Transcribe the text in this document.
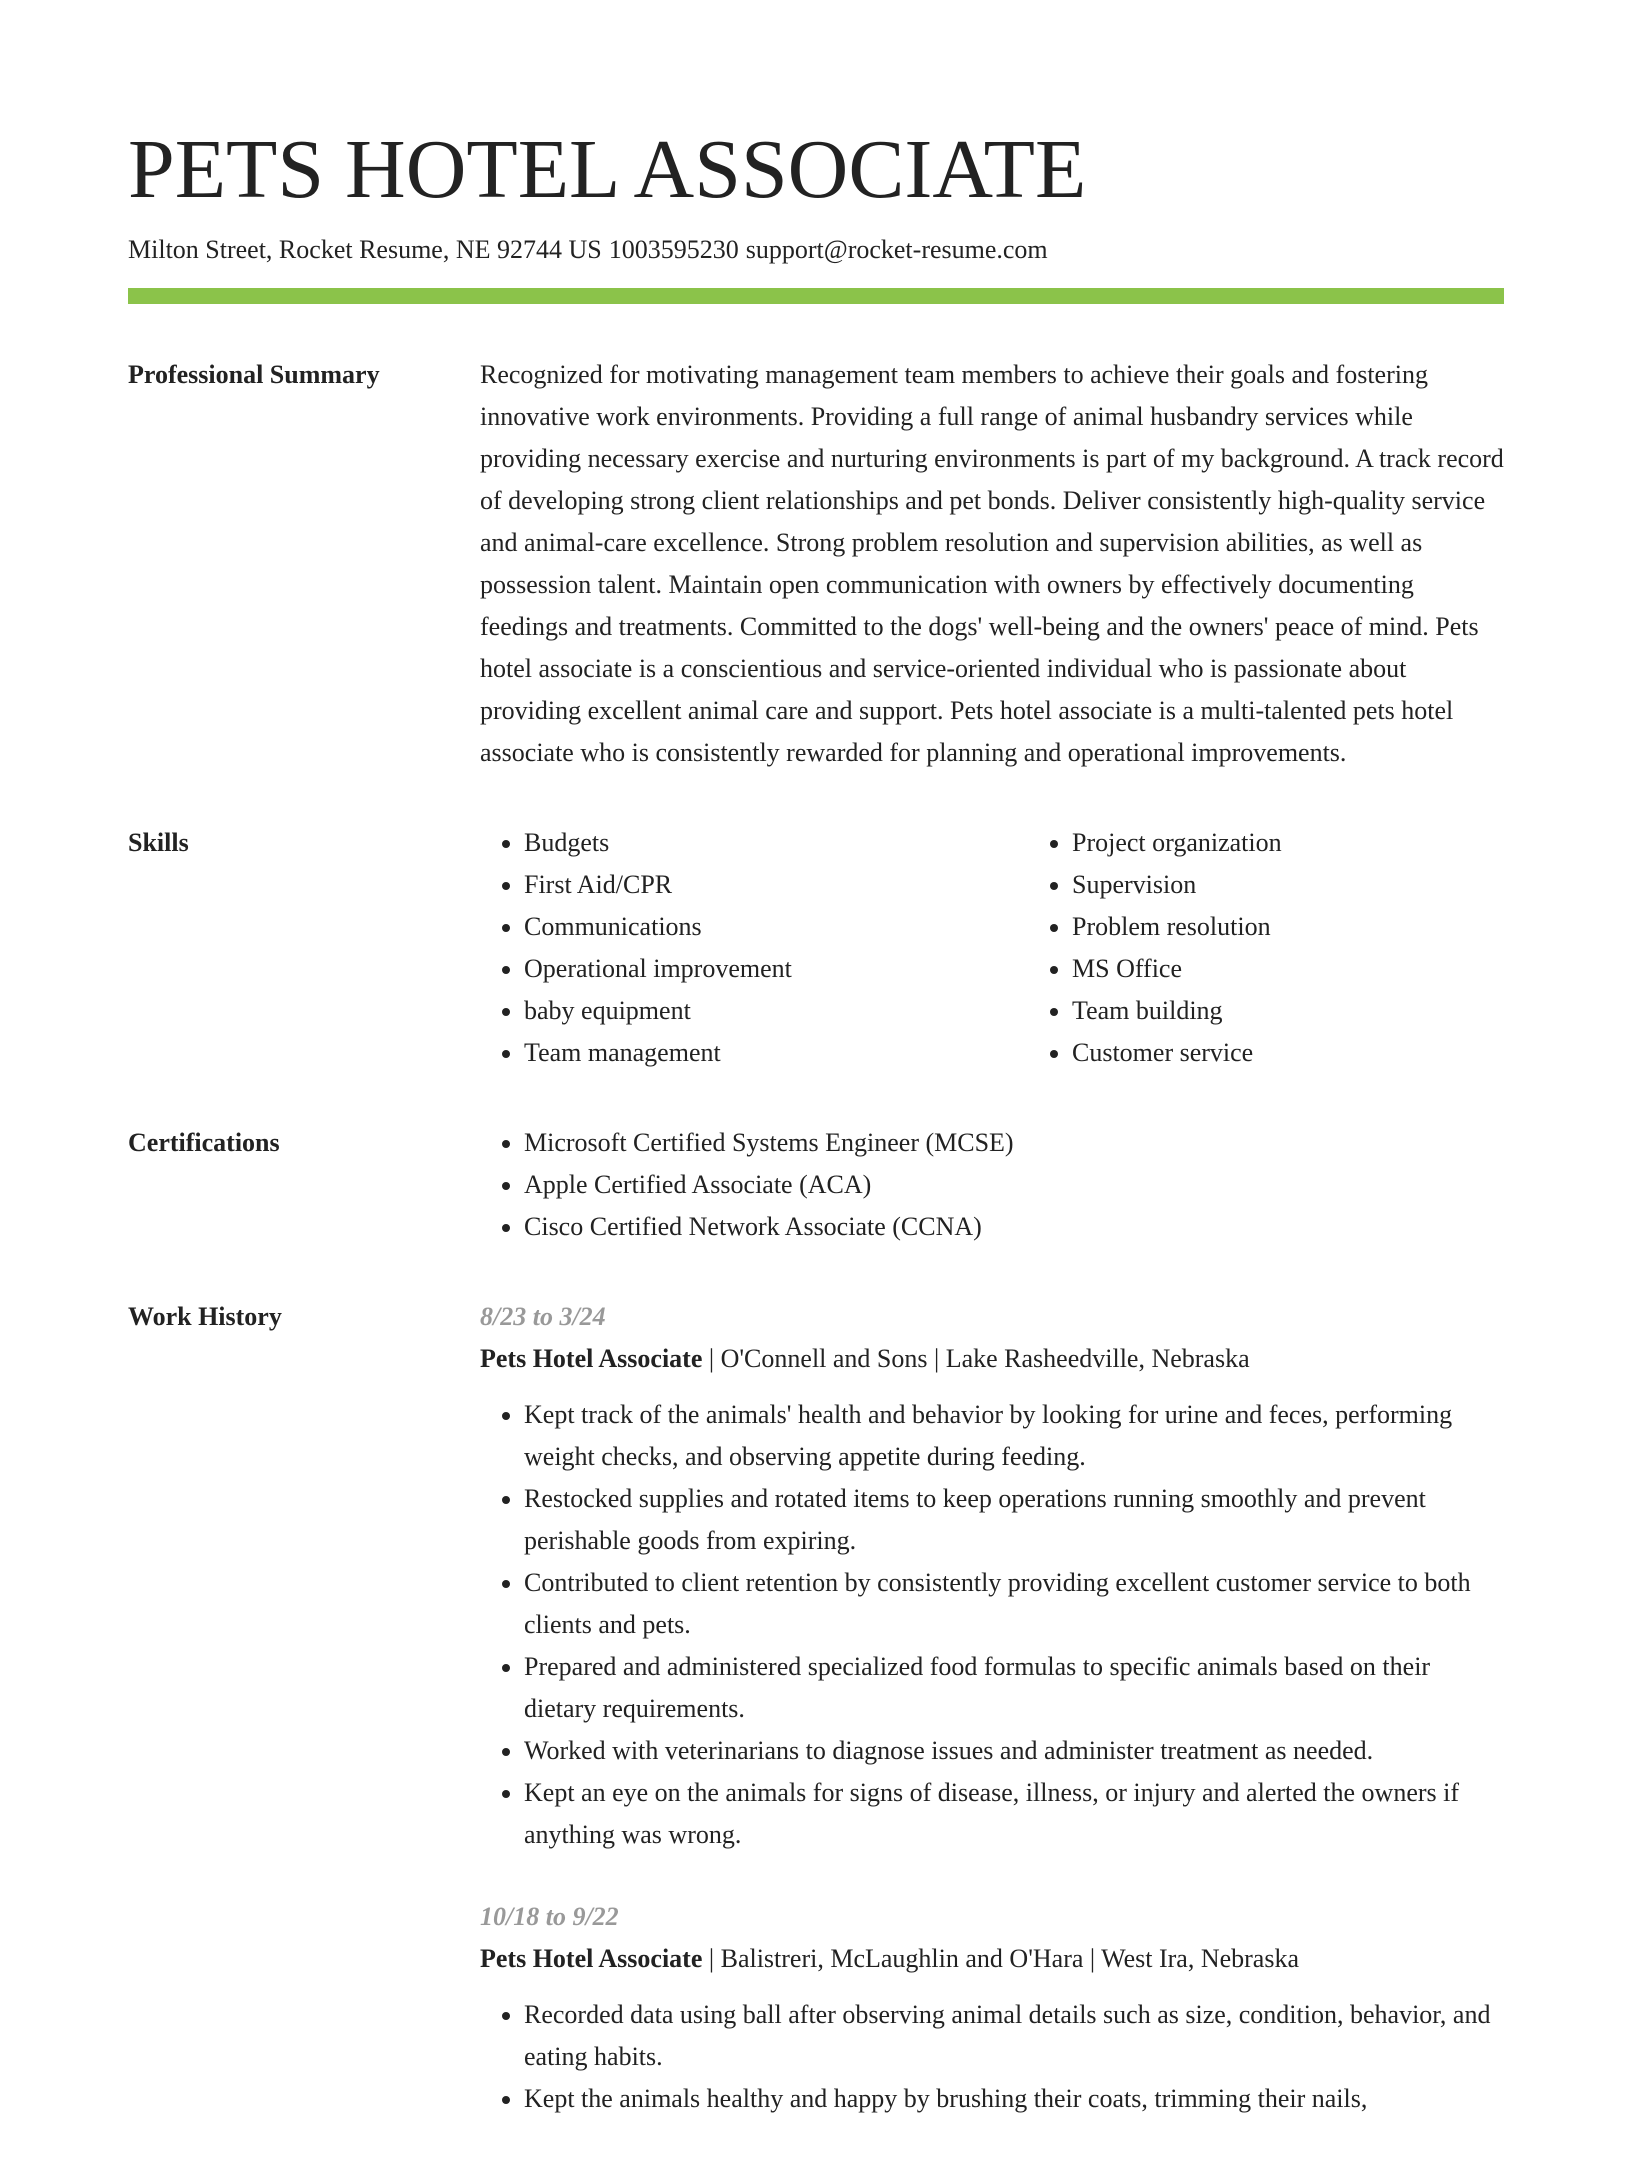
PETS HOTEL ASSOCIATE
Milton Street, Rocket Resume, NE 92744 US 1003595230 support@rocket-resume.com
Professional Summary	Recognized for motivating management team members to achieve their goals and fostering innovative work environments. Providing a full range of animal husbandry services while providing necessary exercise and nurturing environments is part of my background. A track record of developing strong client relationships and pet bonds. Deliver consistently high-quality service and animal-care excellence. Strong problem resolution and supervision abilities, as well as possession talent. Maintain open communication with owners by effectively documenting feedings and treatments. Committed to the dogs' well-being and the owners' peace of mind. Pets hotel associate is a conscientious and service-oriented individual who is passionate about providing excellent animal care and support. Pets hotel associate is a multi-talented pets hotel associate who is consistently rewarded for planning and operational improvements.

Skills	• Budgets
• First Aid/CPR
• Communications
• Operational improvement
• baby equipment
• Team management
• Project organization
• Supervision
• Problem resolution
• MS Office
• Team building
• Customer service
Certifications	• Microsoft Certified Systems Engineer (MCSE)
• Apple Certified Associate (ACA)
• Cisco Certified Network Associate (CCNA)
Work History	8/23 to 3/24
Pets Hotel Associate | O'Connell and Sons | Lake Rasheedville, Nebraska
• Kept track of the animals' health and behavior by looking for urine and feces, performing weight checks, and observing appetite during feeding.
• Restocked supplies and rotated items to keep operations running smoothly and prevent perishable goods from expiring.
• Contributed to client retention by consistently providing excellent customer service to both clients and pets.
• Prepared and administered specialized food formulas to specific animals based on their dietary requirements.
• Worked with veterinarians to diagnose issues and administer treatment as needed.
• Kept an eye on the animals for signs of disease, illness, or injury and alerted the owners if anything was wrong.
10/18 to 9/22
Pets Hotel Associate | Balistreri, McLaughlin and O'Hara | West Ira, Nebraska
• Recorded data using ball after observing animal details such as size, condition, behavior, and eating habits.
• Kept the animals healthy and happy by brushing their coats, trimming their nails,
